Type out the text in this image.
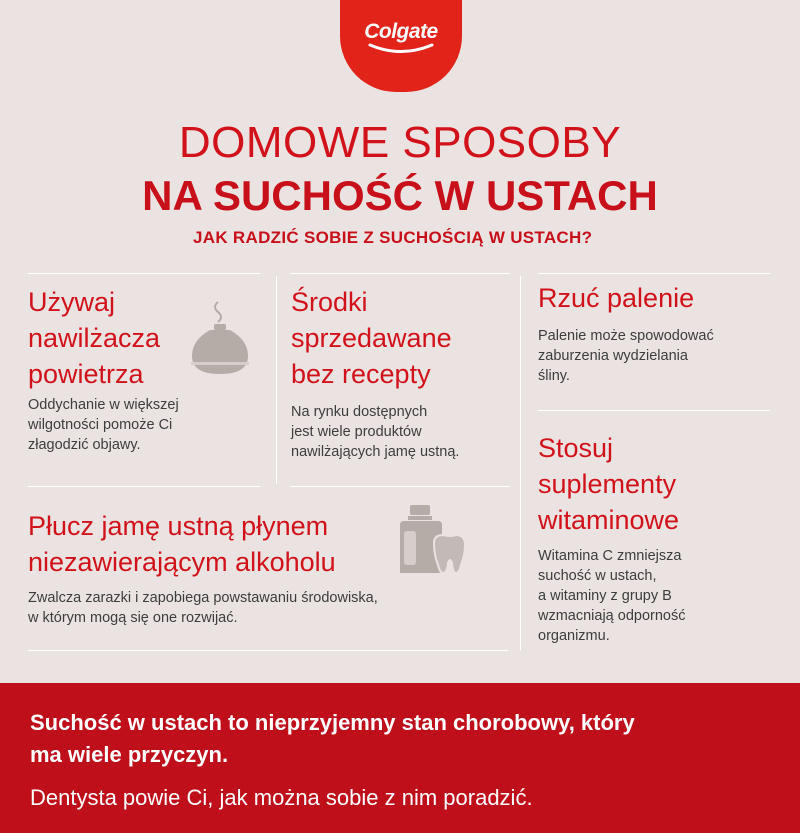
Colgate
DOMOWE SPOSOBY
NA SUCHOŚĆ W USTACH
JAK RADZIĆ SOBIE Z SUCHOŚCIĄ W USTACH?
Używaj
nawilżacza
powietrza
Oddychanie w większej
wilgotności pomoże Ci
złagodzić objawy.
Środki
sprzedawane
bez recepty
Na rynku dostępnych
jest wiele produktów
nawilżających jamę ustną.
Rzuć palenie
Palenie może spowodować
zaburzenia wydzielania
śliny.
Płucz jamę ustną płynem
niezawierającym alkoholu
Zwalcza zarazki i zapobiega powstawaniu środowiska,
w którym mogą się one rozwijać.
Stosuj
suplementy
witaminowe
Witamina C zmniejsza
suchość w ustach,
a witaminy z grupy B
wzmacniają odporność
organizmu.
Suchość w ustach to nieprzyjemny stan chorobowy, który
ma wiele przyczyn.
Dentysta powie Ci, jak można sobie z nim poradzić.
